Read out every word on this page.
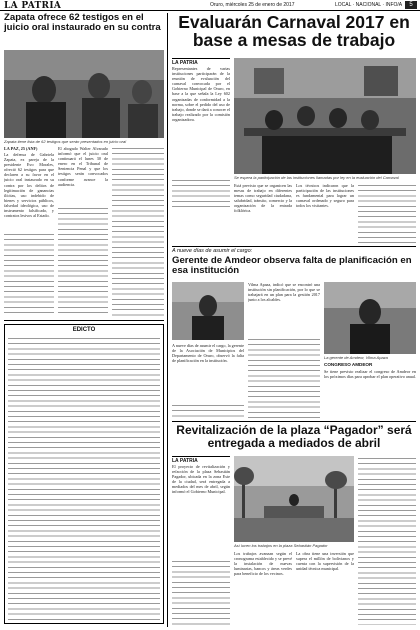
LA PATRIA	Oruro, miércoles 25 de enero de 2017	LOCAL · NACIONAL · INFO/A	5
Zapata ofrece 62 testigos en el juicio oral instaurado en su contra
Zapata tiene lista de 62 testigos que serán presentados en juicio oral
LA PAZ, 25 (ANF)
La defensa de Gabriela Zapata, ex pareja de la presidente Evo Morales, ofreció 62 testigos para que declaren a su favor en el juicio oral instaurado en su contra por los delitos de legitimación de ganancias ilícitas, uso indebido de bienes y servicios públicos, falsedad ideológica, uso de instrumento falsificado, y contratos lesivos al Estado.
El abogado Walter Alvarado informó que el juicio oral continuará el lunes 30 de enero en el Tribunal de Sentencia Penal y que los testigos serán convocados conforme avance la audiencia.
EDICTO
Evaluarán Carnaval 2017 en base a mesas de trabajo
LA PATRIA
Representantes de varias instituciones participarán de la reunión de evaluación del carnaval convocada por el Gobierno Municipal de Oruro, en base a la que señala la Ley 602 organizadas de conformidad a la norma, sobre el pedido del uso de trabajo, donde se dará a conocer el trabajo realizado por la comisión organizadora.
Se espera la participación de las instituciones llamadas por ley en la evaluación del Carnaval
Está previsto que se organicen las mesas de trabajo en diferentes temas como seguridad ciudadana, salubridad, tránsito, comercio y la organización de la entrada folklórica.
Los técnicos indicaron que la participación de las instituciones es fundamental para lograr un carnaval ordenado y seguro para todos los visitantes.
A nueve días de asumir el cargo:
Gerente de Amdeor observa falta de planificación en esa institución
A nueve días de asumir el cargo, la gerente de la Asociación de Municipios del Departamento de Oruro, observó la falta de planificación en la institución.
Vilma Apaza, indicó que se encontró una institución sin planificación, por lo que se trabajará en un plan para la gestión 2017 junto a los alcaldes.
La gerente de Amdeor, Vilma Apaza
CONGRESO AMDEOR
Se tiene previsto realizar el congreso de Amdeor en los próximos días para aprobar el plan operativo anual.
Revitalización de la plaza “Pagador” será entregada a mediados de abril
LA PATRIA
El proyecto de revitalización y refacción de la plaza Sebastián Pagador, ubicada en la zona Este de la ciudad, será entregada a mediados del mes de abril, según informó el Gobierno Municipal.
Así lucen los trabajos en la plaza Sebastián Pagador
Los trabajos avanzan según el cronograma establecido y se prevé la instalación de nuevas luminarias, bancos y áreas verdes para beneficio de los vecinos.
La obra tiene una inversión que supera el millón de bolivianos y cuenta con la supervisión de la unidad técnica municipal.
